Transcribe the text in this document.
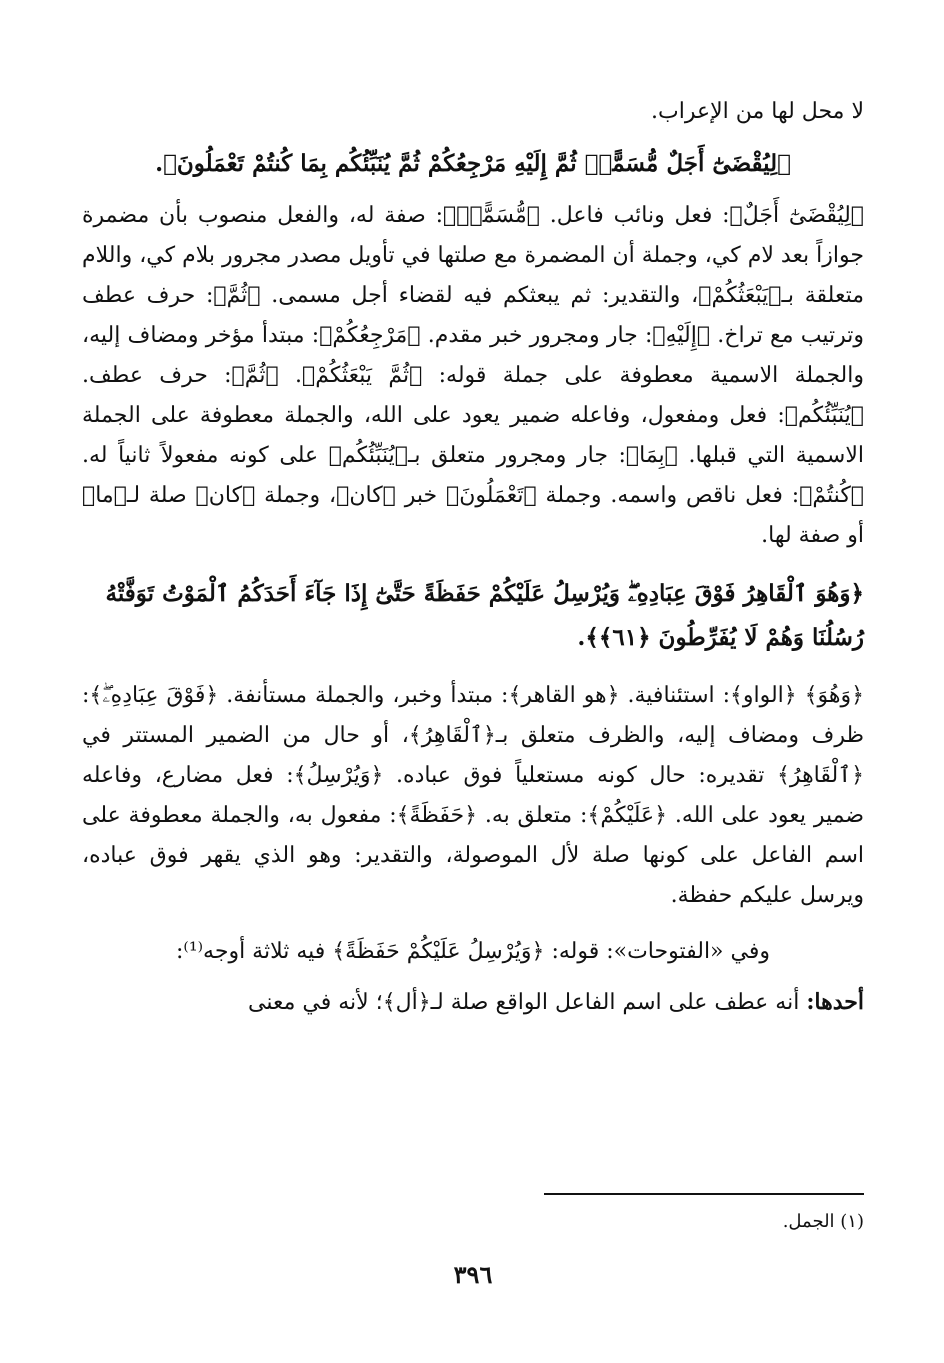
لا محل لها من الإعراب.

﴿لِيُقْضَىٰٓ أَجَلٌ مُّسَمًّىۖ ثُمَّ إِلَيْهِ مَرْجِعُكُمْ ثُمَّ يُنَبِّئُكُم بِمَا كُنتُمْ تَعْمَلُونَ﴾.

﴿لِيُقْضَىٰٓ أَجَلٌ﴾: فعل ونائب فاعل. ﴿مُّسَمًّىۖ﴾: صفة له، والفعل منصوب بأن مضمرة جوازاً بعد لام كي، وجملة أن المضمرة مع صلتها في تأويل مصدر مجرور بلام كي، واللام متعلقة بـ﴿يَبْعَثُكُمْ﴾، والتقدير: ثم يبعثكم فيه لقضاء أجل مسمى. ﴿ثُمَّ﴾: حرف عطف وترتيب مع تراخ. ﴿إِلَيْهِ﴾: جار ومجرور خبر مقدم. ﴿مَرْجِعُكُمْ﴾: مبتدأ مؤخر ومضاف إليه، والجملة الاسمية معطوفة على جملة قوله: ﴿ثُمَّ يَبْعَثُكُمْ﴾. ﴿ثُمَّ﴾: حرف عطف. ﴿يُنَبِّئُكُم﴾: فعل ومفعول، وفاعله ضمير يعود على الله، والجملة معطوفة على الجملة الاسمية التي قبلها. ﴿بِمَا﴾: جار ومجرور متعلق بـ﴿يُنَبِّئُكُم﴾ على كونه مفعولاً ثانياً له. ﴿كُنتُمْ﴾: فعل ناقص واسمه. وجملة ﴿تَعْمَلُونَ﴾ خبر ﴿كان﴾، وجملة ﴿كان﴾ صلة لـ﴿ما﴾ أو صفة لها.

﴿وَهُوَ ٱلْقَاهِرُ فَوْقَ عِبَادِهِۦۖ وَيُرْسِلُ عَلَيْكُمْ حَفَظَةً حَتَّىٰٓ إِذَا جَآءَ أَحَدَكُمُ ٱلْمَوْتُ تَوَفَّتْهُ رُسُلُنَا وَهُمْ لَا يُفَرِّطُونَ ﴿٦١﴾﴾.

﴿وَهُوَ﴾ ﴿الواو﴾: استئنافية. ﴿هو القاهر﴾: مبتدأ وخبر، والجملة مستأنفة. ﴿فَوْقَ عِبَادِهِۦۖ﴾: ظرف ومضاف إليه، والظرف متعلق بـ﴿ٱلْقَاهِرُ﴾، أو حال من الضمير المستتر في ﴿ٱلْقَاهِرُ﴾ تقديره: حال كونه مستعلياً فوق عباده. ﴿وَيُرْسِلُ﴾: فعل مضارع، وفاعله ضمير يعود على الله. ﴿عَلَيْكُمْ﴾: متعلق به. ﴿حَفَظَةً﴾: مفعول به، والجملة معطوفة على اسم الفاعل على كونها صلة لأل الموصولة، والتقدير: وهو الذي يقهر فوق عباده، ويرسل عليكم حفظة.

وفي «الفتوحات»: قوله: ﴿وَيُرْسِلُ عَلَيْكُمْ حَفَظَةً﴾ فيه ثلاثة أوجه⁽¹⁾:

أحدها: أنه عطف على اسم الفاعل الواقع صلة لـ﴿أل﴾؛ لأنه في معنى

(١) الجمل.

٣٩٦
